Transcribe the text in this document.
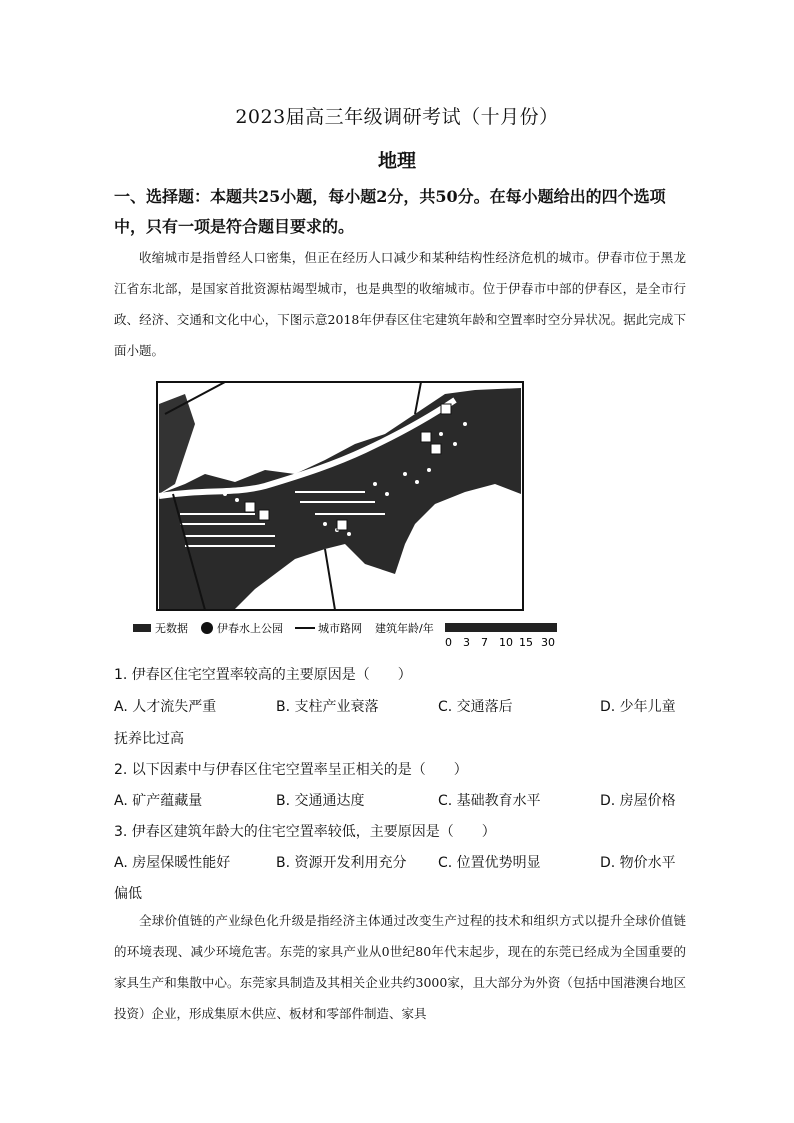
2023届高三年级调研考试（十月份）
地理
一、选择题：本题共25小题，每小题2分，共50分。在每小题给出的四个选项
中，只有一项是符合题目要求的。
收缩城市是指曾经人口密集，但正在经历人口减少和某种结构性经济危机的城市。伊春市位于黑龙江省东北部，是国家首批资源枯竭型城市，也是典型的收缩城市。位于伊春市中部的伊春区，是全市行政、经济、交通和文化中心，下图示意2018年伊春区住宅建筑年龄和空置率时空分异状况。据此完成下面小题。
无数据	伊春水上公园	城市路网 建筑年龄/年
0 3 7 10 15 30
1. 伊春区住宅空置率较高的主要原因是（　　）
A. 人才流失严重	B. 支柱产业衰落	C. 交通落后	D. 少年儿童
抚养比过高
2. 以下因素中与伊春区住宅空置率呈正相关的是（　　）
A. 矿产蕴藏量	B. 交通通达度	C. 基础教育水平	D. 房屋价格
3. 伊春区建筑年龄大的住宅空置率较低，主要原因是（　　）
A. 房屋保暖性能好	B. 资源开发利用充分 C. 位置优势明显	D. 物价水平
偏低
全球价值链的产业绿色化升级是指经济主体通过改变生产过程的技术和组织方式以提升全球价值链的环境表现、减少环境危害。东莞的家具产业从0世纪80年代末起步，现在的东莞已经成为全国重要的家具生产和集散中心。东莞家具制造及其相关企业共约3000家，且大部分为外资（包括中国港澳台地区投资）企业，形成集原木供应、板材和零部件制造、家具
